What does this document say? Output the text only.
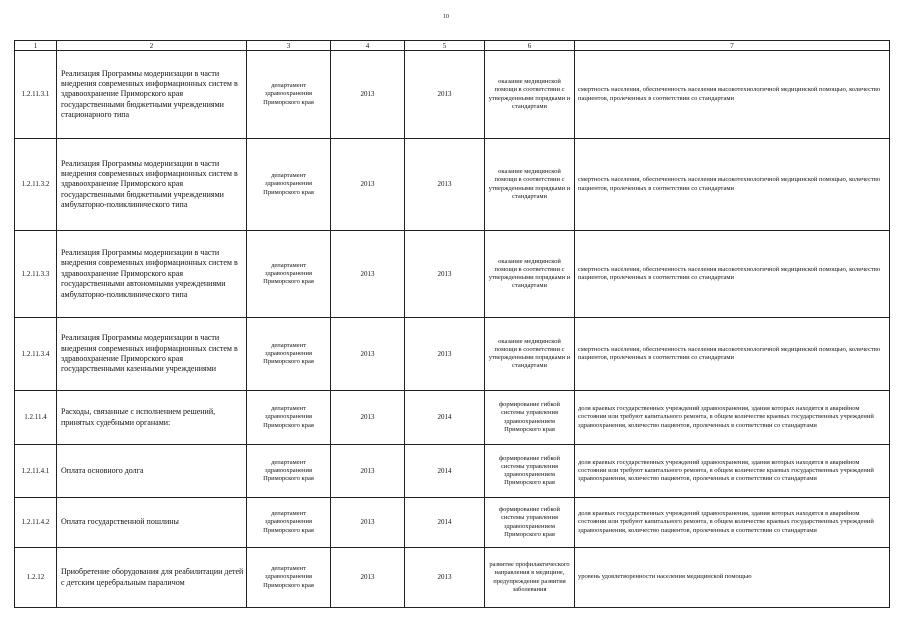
10
1	2	3	4	5	6	7
1.2.11.3.1	Реализация Программы модернизации в части внедрения современных информационных систем в здравоохранение Приморского края государственными бюджетными учреждениями стационарного типа	департамент здравоохранения Приморского края	2013	2013	оказание медицинской помощи в соответствии с утвержденными порядками и стандартами	смертность населения, обеспеченность населения высокотехнологичной медицинской помощью, количество пациентов, пролеченных в соответствии со стандартами
1.2.11.3.2	Реализация Программы модернизации в части внедрения современных информационных систем в здравоохранение Приморского края государственными бюджетными учреждениями амбулаторно-поликлинического типа	департамент здравоохранения Приморского края	2013	2013	оказание медицинской помощи в соответствии с утвержденными порядками и стандартами	смертность населения, обеспеченность населения высокотехнологичной медицинской помощью, количество пациентов, пролеченных в соответствии со стандартами
1.2.11.3.3	Реализация Программы модернизации в части внедрения современных информационных систем в здравоохранение Приморского края государственными автономными учреждениями амбулаторно-поликлинического типа	департамент здравоохранения Приморского края	2013	2013	оказание медицинской помощи в соответствии с утвержденными порядками и стандартами	смертность населения, обеспеченность населения высокотехнологичной медицинской помощью, количество пациентов, пролеченных в соответствии со стандартами
1.2.11.3.4	Реализация Программы модернизации в части внедрения современных информационных систем в здравоохранение Приморского края государственными казенными учреждениями	департамент здравоохранения Приморского края	2013	2013	оказание медицинской помощи в соответствии с утвержденными порядками и стандартами	смертность населения, обеспеченность населения высокотехнологичной медицинской помощью, количество пациентов, пролеченных в соответствии со стандартами
1.2.11.4	Расходы, связанные с исполнением решений, принятых судебными органами:	департамент здравоохранения Приморского края	2013	2014	формирование гибкой системы управления здравоохранением Приморского края	доля краевых государственных учреждений здравоохранения, здания которых находятся в аварийном состоянии или требуют капитального ремонта, в общем количестве краевых государственных учреждений здравоохранения, количество пациентов, пролеченных в соответствии со стандартами
1.2.11.4.1	Оплата основного долга	департамент здравоохранения Приморского края	2013	2014	формирование гибкой системы управления здравоохранением Приморского края	доля краевых государственных учреждений здравоохранения, здания которых находятся в аварийном состоянии или требуют капитального ремонта, в общем количестве краевых государственных учреждений здравоохранения, количество пациентов, пролеченных в соответствии со стандартами
1.2.11.4.2	Оплата государственной пошлины	департамент здравоохранения Приморского края	2013	2014	формирование гибкой системы управления здравоохранением Приморского края	доля краевых государственных учреждений здравоохранения, здания которых находятся в аварийном состоянии или требуют капитального ремонта, в общем количестве краевых государственных учреждений здравоохранения, количество пациентов, пролеченных в соответствии со стандартами
1.2.12	Приобретение оборудования для реабилитации детей с детским церебральным параличом	департамент здравоохранения Приморского края	2013	2013	развитие профилактического направления в медицине, предупреждение развития заболевания	уровень удовлетворенности населения медицинской помощью
